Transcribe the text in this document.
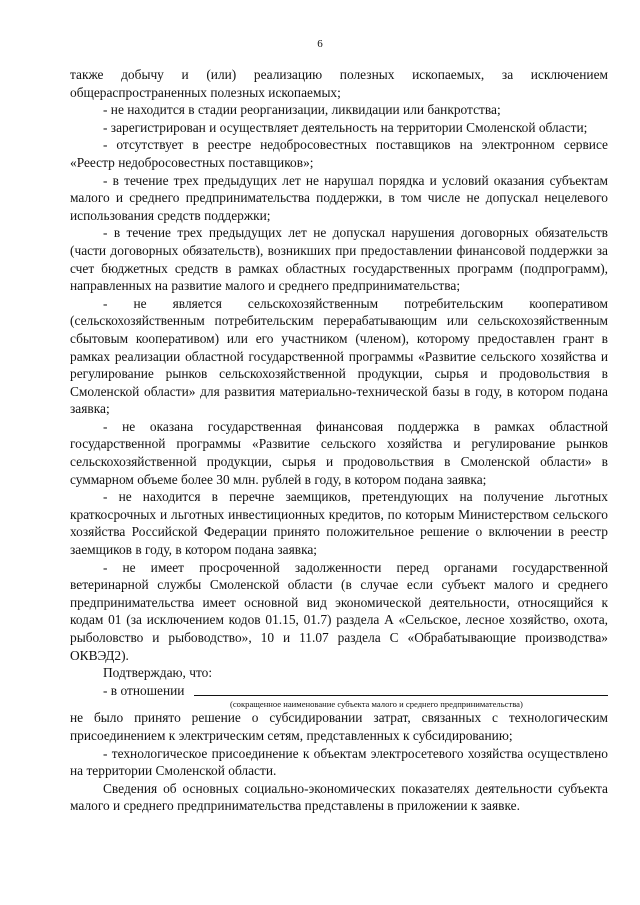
6

также добычу и (или) реализацию полезных ископаемых, за исключением общераспространенных полезных ископаемых;

- не находится в стадии реорганизации, ликвидации или банкротства;

- зарегистрирован и осуществляет деятельность на территории Смоленской области;

- отсутствует в реестре недобросовестных поставщиков на электронном сервисе «Реестр недобросовестных поставщиков»;

- в течение трех предыдущих лет не нарушал порядка и условий оказания субъектам малого и среднего предпринимательства поддержки, в том числе не допускал нецелевого использования средств поддержки;

- в течение трех предыдущих лет не допускал нарушения договорных обязательств (части договорных обязательств), возникших при предоставлении финансовой поддержки за счет бюджетных средств в рамках областных государственных программ (подпрограмм), направленных на развитие малого и среднего предпринимательства;

- не является сельскохозяйственным потребительским кооперативом (сельскохозяйственным потребительским перерабатывающим или сельскохозяйственным сбытовым кооперативом) или его участником (членом), которому предоставлен грант в рамках реализации областной государственной программы «Развитие сельского хозяйства и регулирование рынков сельскохозяйственной продукции, сырья и продовольствия в Смоленской области» для развития материально-технической базы в году, в котором подана заявка;

- не оказана государственная финансовая поддержка в рамках областной государственной программы «Развитие сельского хозяйства и регулирование рынков сельскохозяйственной продукции, сырья и продовольствия в Смоленской области» в суммарном объеме более 30 млн. рублей в году, в котором подана заявка;

- не находится в перечне заемщиков, претендующих на получение льготных краткосрочных и льготных инвестиционных кредитов, по которым Министерством сельского хозяйства Российской Федерации принято положительное решение о включении в реестр заемщиков в году, в котором подана заявка;

- не имеет просроченной задолженности перед органами государственной ветеринарной службы Смоленской области (в случае если субъект малого и среднего предпринимательства имеет основной вид экономической деятельности, относящийся к кодам 01 (за исключением кодов 01.15, 01.7) раздела А «Сельское, лесное хозяйство, охота, рыболовство и рыбоводство», 10 и 11.07 раздела С «Обрабатывающие производства» ОКВЭД2).

Подтверждаю, что:

- в отношении

(сокращенное наименование субъекта малого и среднего предпринимательства)

не было принято решение о субсидировании затрат, связанных с технологическим присоединением к электрическим сетям, представленных к субсидированию;

- технологическое присоединение к объектам электросетевого хозяйства осуществлено на территории Смоленской области.

Сведения об основных социально-экономических показателях деятельности субъекта малого и среднего предпринимательства представлены в приложении к заявке.
